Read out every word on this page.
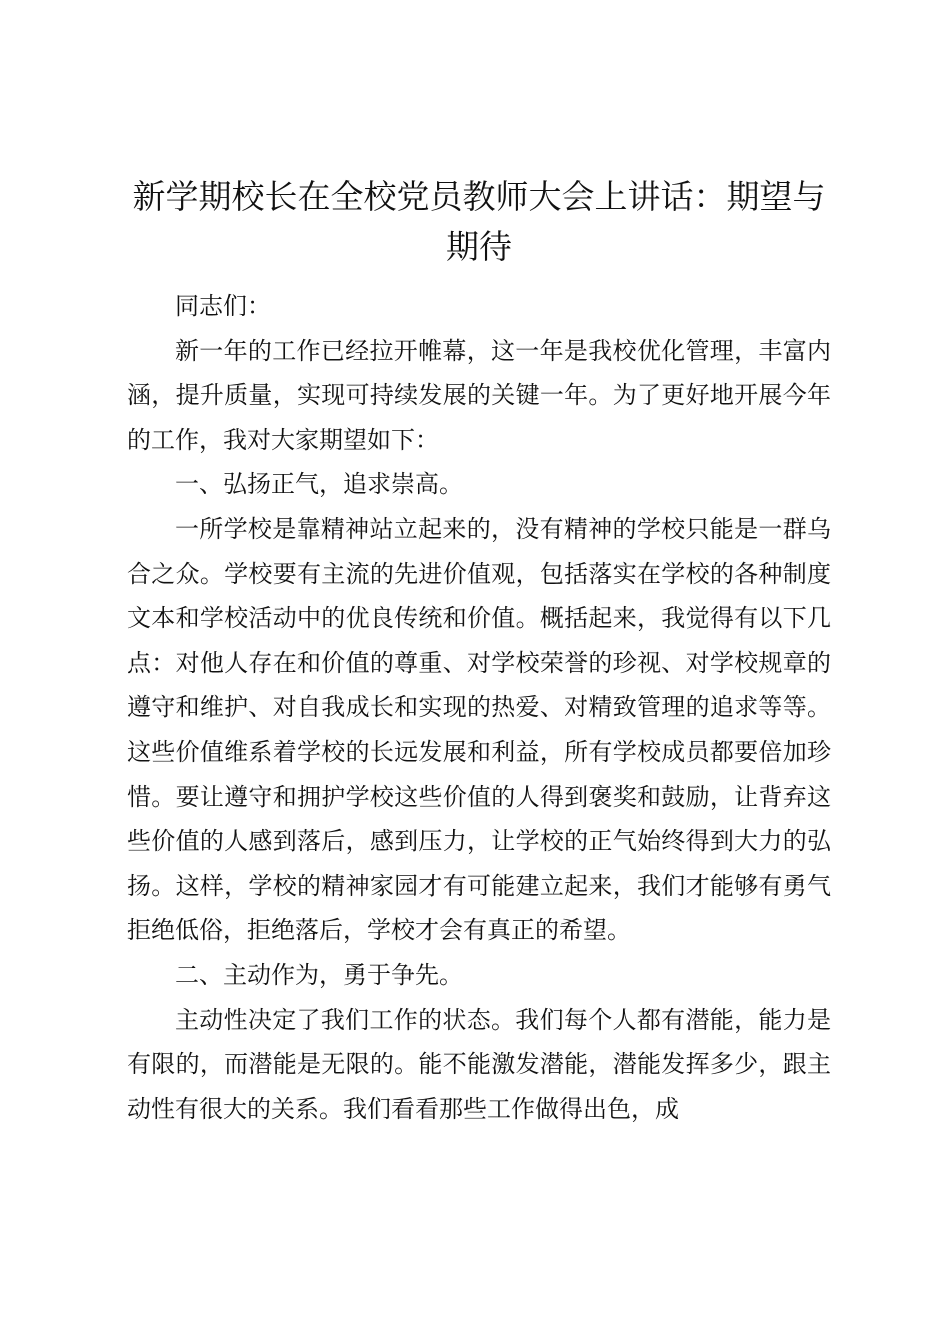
新学期校长在全校党员教师大会上讲话：期望与期待

同志们：

新一年的工作已经拉开帷幕，这一年是我校优化管理，丰富内涵，提升质量，实现可持续发展的关键一年。为了更好地开展今年的工作，我对大家期望如下：

一、弘扬正气，追求崇高。

一所学校是靠精神站立起来的，没有精神的学校只能是一群乌合之众。学校要有主流的先进价值观，包括落实在学校的各种制度文本和学校活动中的优良传统和价值。概括起来，我觉得有以下几点：对他人存在和价值的尊重、对学校荣誉的珍视、对学校规章的遵守和维护、对自我成长和实现的热爱、对精致管理的追求等等。这些价值维系着学校的长远发展和利益，所有学校成员都要倍加珍惜。要让遵守和拥护学校这些价值的人得到褒奖和鼓励，让背弃这些价值的人感到落后，感到压力，让学校的正气始终得到大力的弘扬。这样，学校的精神家园才有可能建立起来，我们才能够有勇气拒绝低俗，拒绝落后，学校才会有真正的希望。

二、主动作为，勇于争先。

主动性决定了我们工作的状态。我们每个人都有潜能，能力是有限的，而潜能是无限的。能不能激发潜能，潜能发挥多少，跟主动性有很大的关系。我们看看那些工作做得出色，成
